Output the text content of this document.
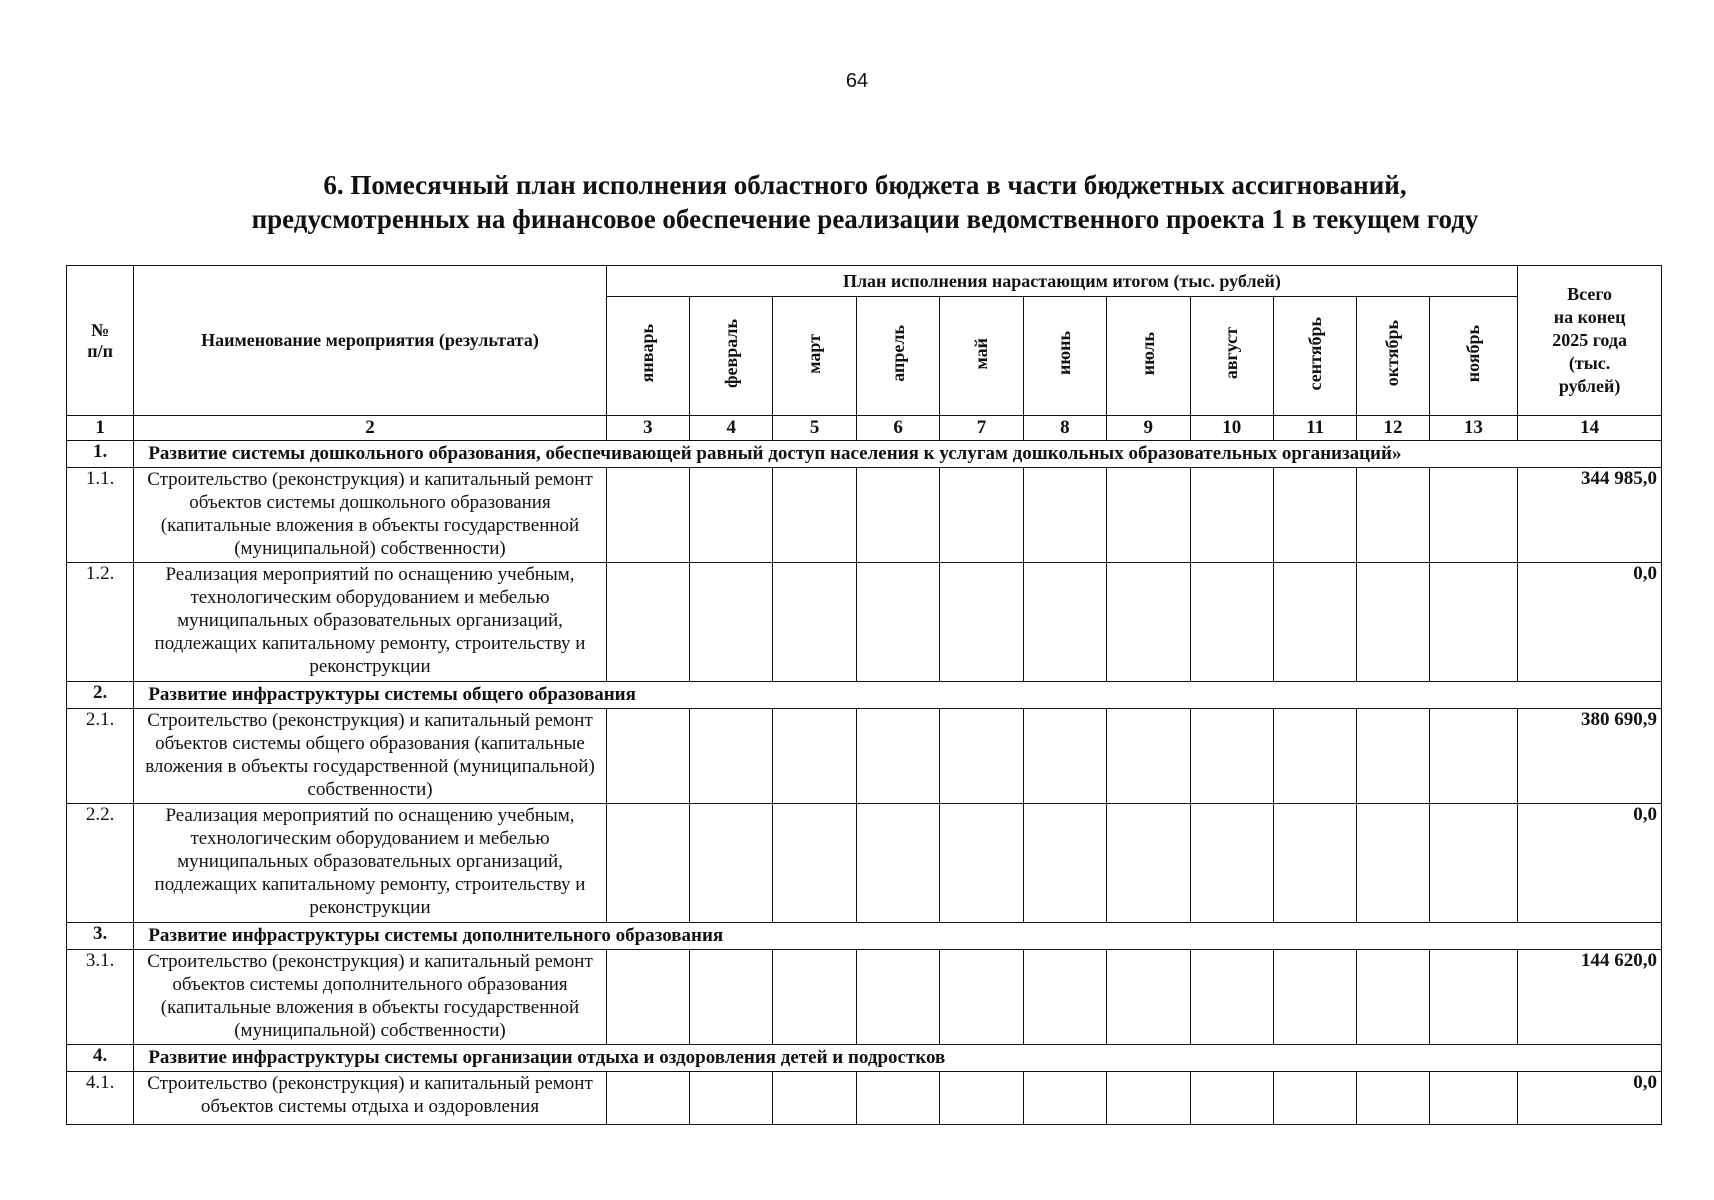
64
6. Помесячный план исполнения областного бюджета в части бюджетных ассигнований,
предусмотренных на финансовое обеспечение реализации ведомственного проекта 1 в текущем году
№
п/п	Наименование мероприятия (результата)	План исполнения нарастающим итогом (тыс. рублей)											Всего
на конец
2025 года
(тыс.
рублей)
		январь	февраль	март	апрель	май	июнь	июль	август	сентябрь	октябрь	ноябрь	
1	2	3	4	5	6	7	8	9	10	11	12	13	14
1.	Развитие системы дошкольного образования, обеспечивающей равный доступ населения к услугам дошкольных образовательных организаций»												
1.1.	Строительство (реконструкция) и капитальный ремонт объектов системы дошкольного образования (капитальные вложения в объекты государственной (муниципальной) собственности)												344 985,0
1.2.	Реализация мероприятий по оснащению учебным, технологическим оборудованием и мебелью муниципальных образовательных организаций, подлежащих капитальному ремонту, строительству и реконструкции												0,0
2.	Развитие инфраструктуры системы общего образования												
2.1.	Строительство (реконструкция) и капитальный ремонт объектов системы общего образования (капитальные вложения в объекты государственной (муниципальной) собственности)												380 690,9
2.2.	Реализация мероприятий по оснащению учебным, технологическим оборудованием и мебелью муниципальных образовательных организаций, подлежащих капитальному ремонту, строительству и реконструкции												0,0
3.	Развитие инфраструктуры системы дополнительного образования												
3.1.	Строительство (реконструкция) и капитальный ремонт объектов системы дополнительного образования (капитальные вложения в объекты государственной (муниципальной) собственности)												144 620,0
4.	Развитие инфраструктуры системы организации отдыха и оздоровления детей и подростков												
4.1.	Строительство (реконструкция) и капитальный ремонт объектов системы отдыха и оздоровления												0,0
